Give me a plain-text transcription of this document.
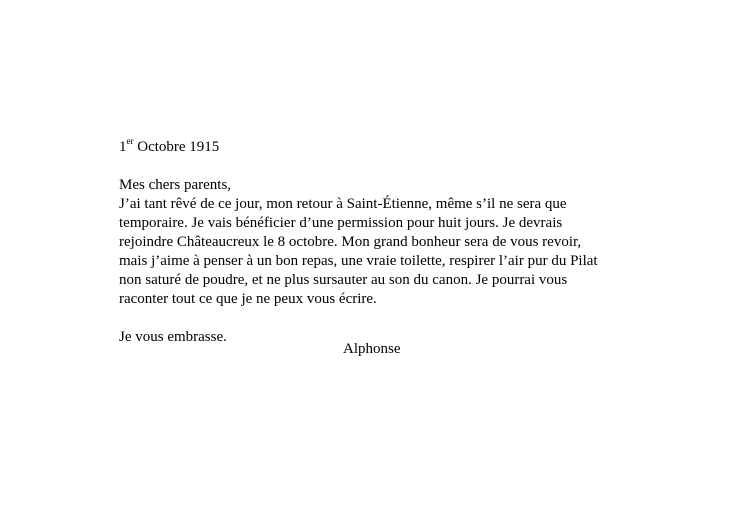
1er Octobre 1915

Mes chers parents,

J’ai tant rêvé de ce jour, mon retour à Saint-Étienne, même s’il ne sera que

temporaire. Je vais bénéficier d’une permission pour huit jours. Je devrais

rejoindre Châteaucreux le 8 octobre. Mon grand bonheur sera de vous revoir,

mais j’aime à penser à un bon repas, une vraie toilette, respirer l’air pur du Pilat

non saturé de poudre, et ne plus sursauter au son du canon. Je pourrai vous

raconter tout ce que je ne peux vous écrire.

Je vous embrasse.

Alphonse
